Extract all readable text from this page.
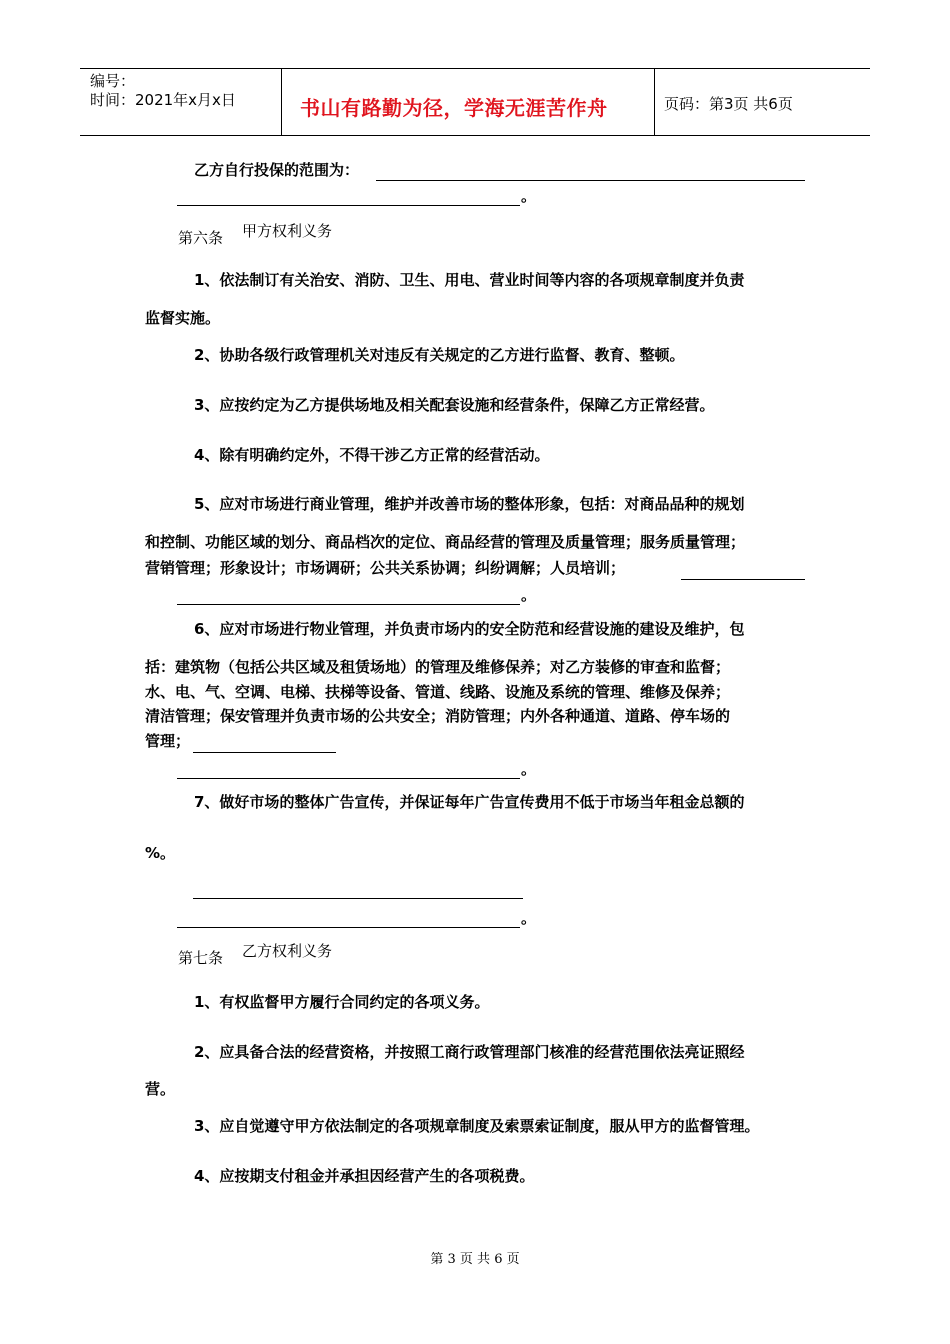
编号：
时间：2021年x月x日	书山有路勤为径，学海无涯苦作舟	页码：第3页 共6页
乙方自行投保的范围为：
。
第六条 甲方权利义务
1、依法制订有关治安、消防、卫生、用电、营业时间等内容的各项规章制度并负责
监督实施。
2、协助各级行政管理机关对违反有关规定的乙方进行监督、教育、整顿。
3、应按约定为乙方提供场地及相关配套设施和经营条件，保障乙方正常经营。
4、除有明确约定外，不得干涉乙方正常的经营活动。
5、应对市场进行商业管理，维护并改善市场的整体形象，包括：对商品品种的规划
和控制、功能区域的划分、商品档次的定位、商品经营的管理及质量管理；服务质量管理；
营销管理；形象设计；市场调研；公共关系协调；纠纷调解；人员培训；
。
6、应对市场进行物业管理，并负责市场内的安全防范和经营设施的建设及维护，包
括：建筑物（包括公共区域及租赁场地）的管理及维修保养；对乙方装修的审查和监督；
水、电、气、空调、电梯、扶梯等设备、管道、线路、设施及系统的管理、维修及保养；
清洁管理；保安管理并负责市场的公共安全；消防管理；内外各种通道、道路、停车场的
管理；
。
7、做好市场的整体广告宣传，并保证每年广告宣传费用不低于市场当年租金总额的
%。
。
第七条 乙方权利义务
1、有权监督甲方履行合同约定的各项义务。
2、应具备合法的经营资格，并按照工商行政管理部门核准的经营范围依法亮证照经
营。
3、应自觉遵守甲方依法制定的各项规章制度及索票索证制度，服从甲方的监督管理。
4、应按期支付租金并承担因经营产生的各项税费。
第 3 页 共 6 页
